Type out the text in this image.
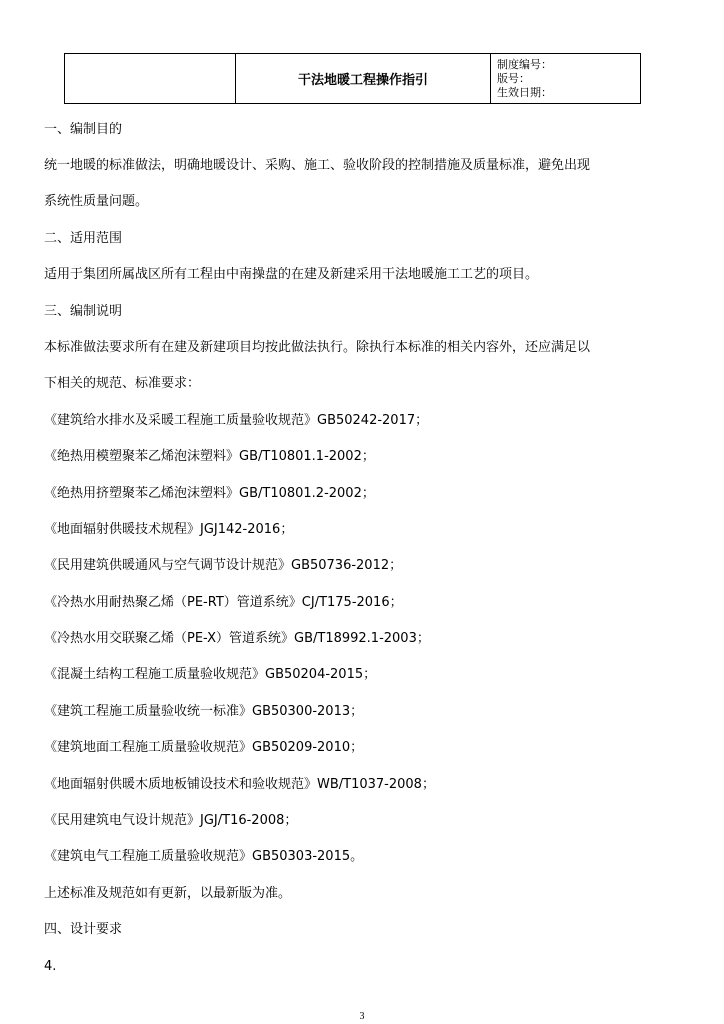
	干法地暖工程操作指引	
制度编号：
版号：
生效日期：
一、编制目的
统一地暖的标准做法，明确地暖设计、采购、施工、验收阶段的控制措施及质量标准，避免出现
系统性质量问题。
二、适用范围
适用于集团所属战区所有工程由中南操盘的在建及新建采用干法地暖施工工艺的项目。
三、编制说明
本标准做法要求所有在建及新建项目均按此做法执行。除执行本标准的相关内容外，还应满足以
下相关的规范、标准要求：
《建筑给水排水及采暖工程施工质量验收规范》GB50242-2017；
《绝热用模塑聚苯乙烯泡沫塑料》GB/T10801.1-2002；
《绝热用挤塑聚苯乙烯泡沫塑料》GB/T10801.2-2002；
《地面辐射供暖技术规程》JGJ142-2016；
《民用建筑供暖通风与空气调节设计规范》GB50736-2012；
《冷热水用耐热聚乙烯（PE-RT）管道系统》CJ/T175-2016；
《冷热水用交联聚乙烯（PE-X）管道系统》GB/T18992.1-2003；
《混凝土结构工程施工质量验收规范》GB50204-2015；
《建筑工程施工质量验收统一标准》GB50300-2013；
《建筑地面工程施工质量验收规范》GB50209-2010；
《地面辐射供暖木质地板铺设技术和验收规范》WB/T1037-2008；
《民用建筑电气设计规范》JGJ/T16-2008；
《建筑电气工程施工质量验收规范》GB50303-2015。
上述标准及规范如有更新，以最新版为准。
四、设计要求
4.
3
